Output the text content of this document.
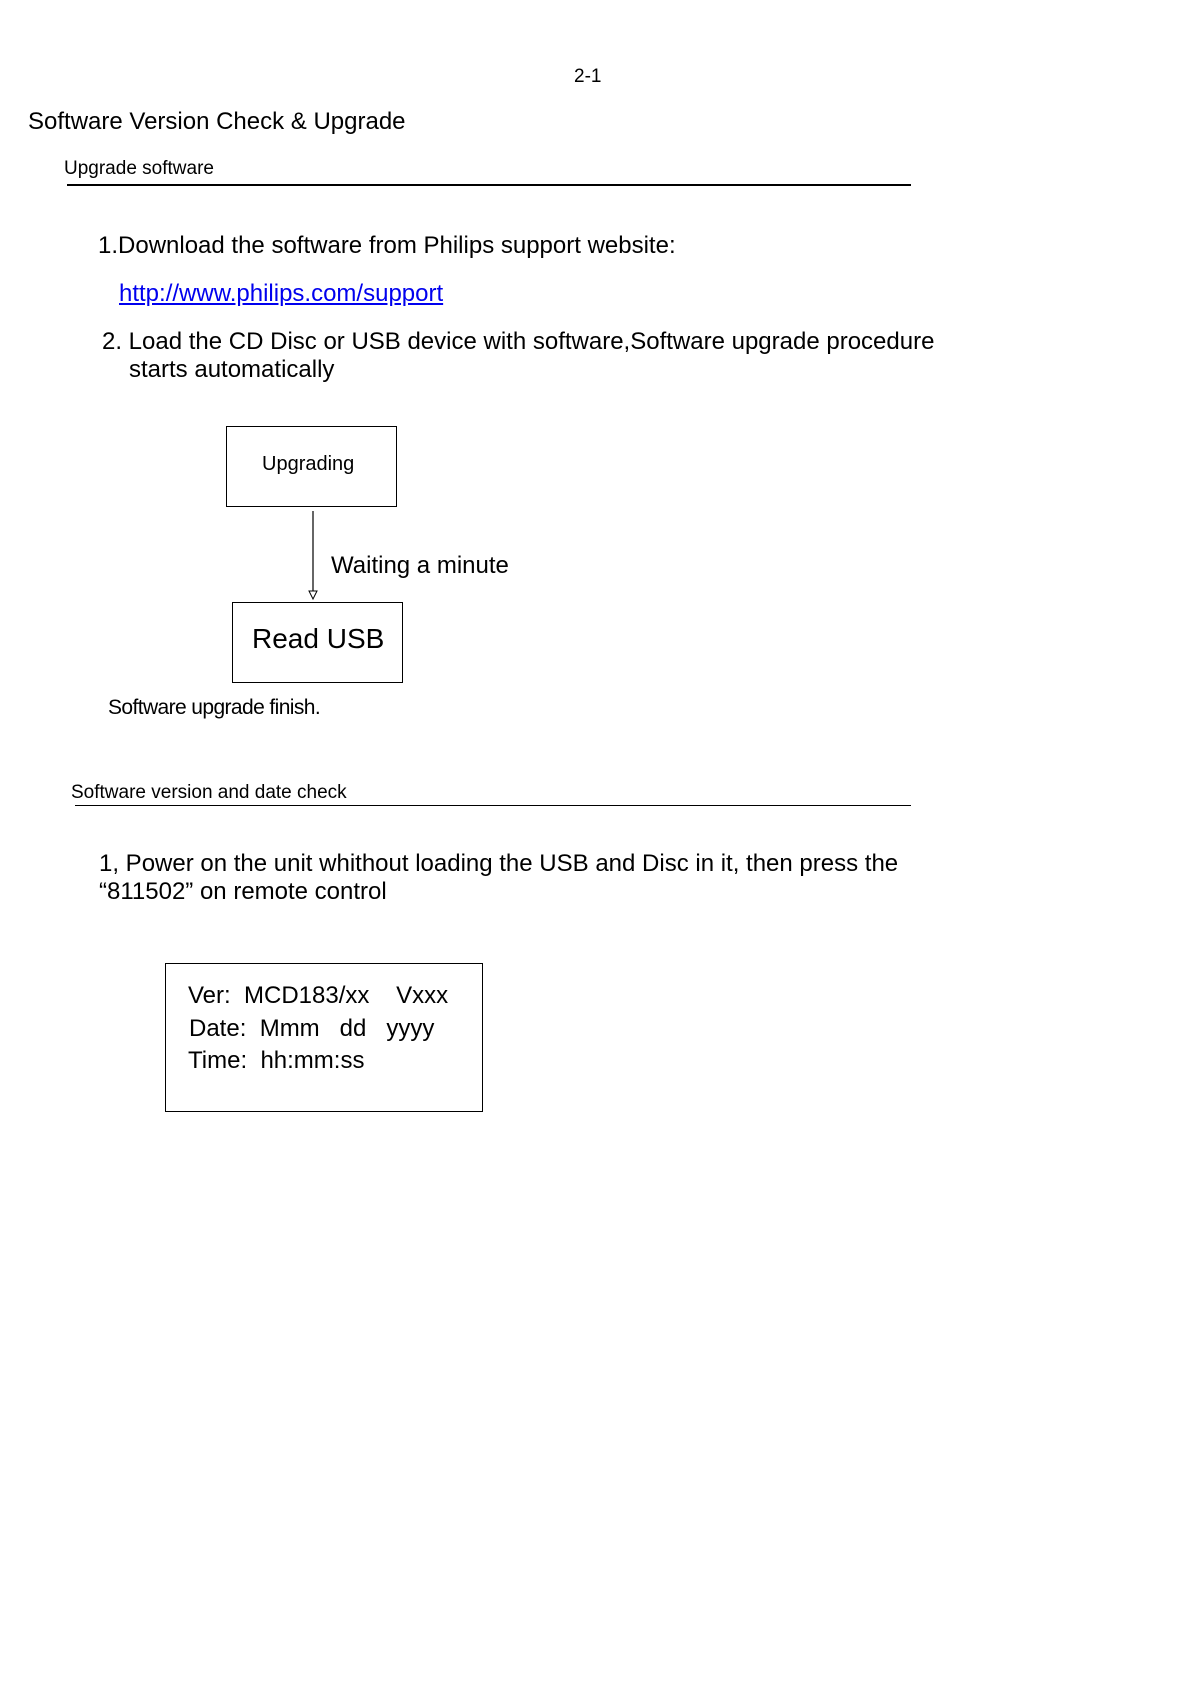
2-1
Software Version Check & Upgrade
Upgrade software
1.Download the software from Philips support website:
http://www.philips.com/support
2. Load the CD Disc or USB device with software,Software upgrade procedure
starts automatically
Upgrading
Waiting a minute
Read USB
Software upgrade finish.
Software version and date check
1, Power on the unit whithout loading the USB and Disc in it, then press the
“811502” on remote control
Ver:  MCD183/xx    Vxxx
Date:  Mmm   dd   yyyy
Time:  hh:mm:ss
